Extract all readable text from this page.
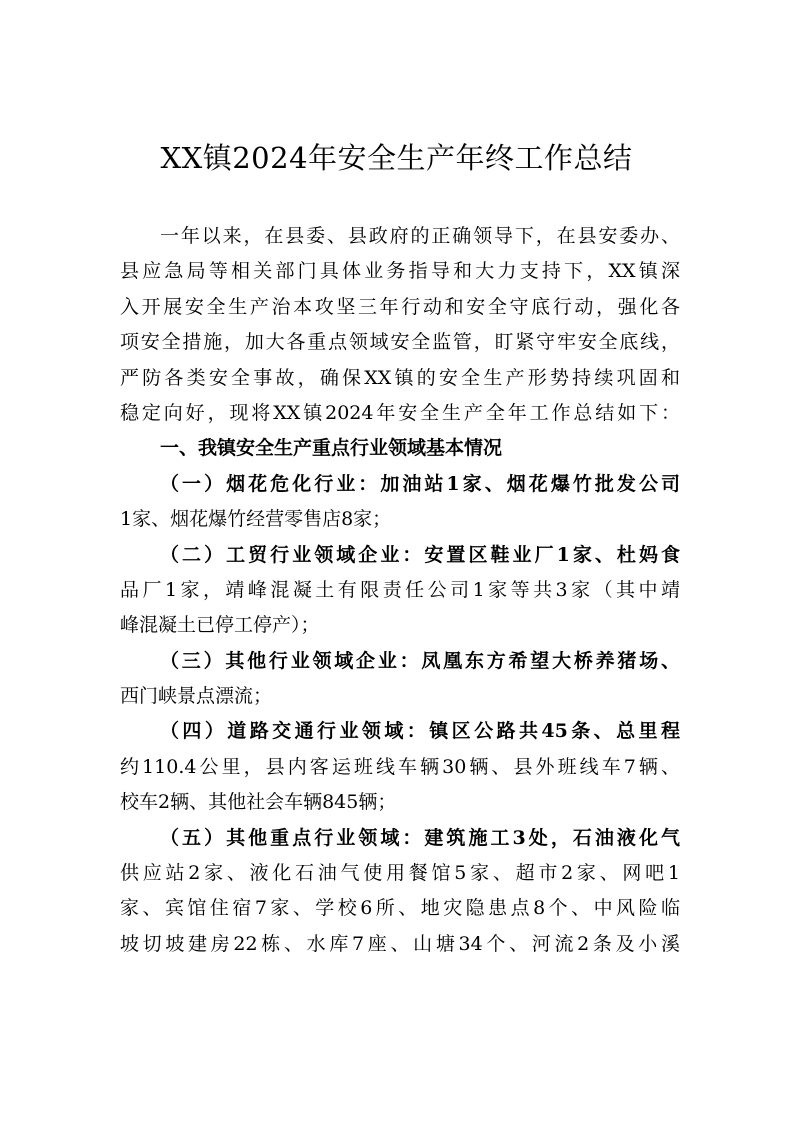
XX镇2024年安全生产年终工作总结
一年以来，在县委、县政府的正确领导下，在县安委办、
县应急局等相关部门具体业务指导和大力支持下，XX镇深
入开展安全生产治本攻坚三年行动和安全守底行动，强化各
项安全措施，加大各重点领域安全监管，盯紧守牢安全底线，
严防各类安全事故，确保XX镇的安全生产形势持续巩固和
稳定向好，现将XX镇2024年安全生产全年工作总结如下：
一、我镇安全生产重点行业领域基本情况
（一）烟花危化行业：加油站1家、烟花爆竹批发公司
1家、烟花爆竹经营零售店8家；
（二）工贸行业领域企业：安置区鞋业厂1家、杜妈食
品厂1家，靖峰混凝土有限责任公司1家等共3家（其中靖
峰混凝土已停工停产）；
（三）其他行业领域企业：凤凰东方希望大桥养猪场、
西门峡景点漂流；
（四）道路交通行业领域：镇区公路共45条、总里程
约110.4公里，县内客运班线车辆30辆、县外班线车7辆、
校车2辆、其他社会车辆845辆；
（五）其他重点行业领域：建筑施工3处，石油液化气
供应站2家、液化石油气使用餐馆5家、超市2家、网吧1
家、宾馆住宿7家、学校6所、地灾隐患点8个、中风险临
坡切坡建房22栋、水库7座、山塘34个、河流2条及小溪
